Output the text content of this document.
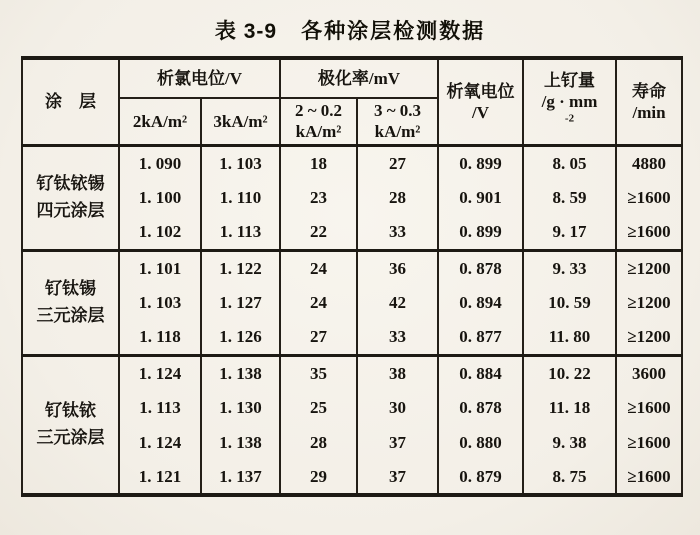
表 3-9 各种涂层检测数据
涂　层	析氯电位/V		极化率/mV		析氧电位
/V	上钌量
/g · mm
$^{-2}$	寿命
/min

	2kA/m²	3kA/m²	2 ~ 0.2
kA/m²	3 ~ 0.3
kA/m²			

钌钛铱锡
四元涂层	1. 090	1. 103	18	27	0. 899	8. 05	4880
	1. 100	1. 110	23	28	0. 901	8. 59	≥1600
	1. 102	1. 113	22	33	0. 899	9. 17	≥1600

钌钛锡
三元涂层	1. 101	1. 122	24	36	0. 878	9. 33	≥1200
	1. 103	1. 127	24	42	0. 894	10. 59	≥1200
	1. 118	1. 126	27	33	0. 877	11. 80	≥1200

钌钛铱
三元涂层	1. 124	1. 138	35	38	0. 884	10. 22	3600
	1. 113	1. 130	25	30	0. 878	11. 18	≥1600
	1. 124	1. 138	28	37	0. 880	9. 38	≥1600
	1. 121	1. 137	29	37	0. 879	8. 75	≥1600
